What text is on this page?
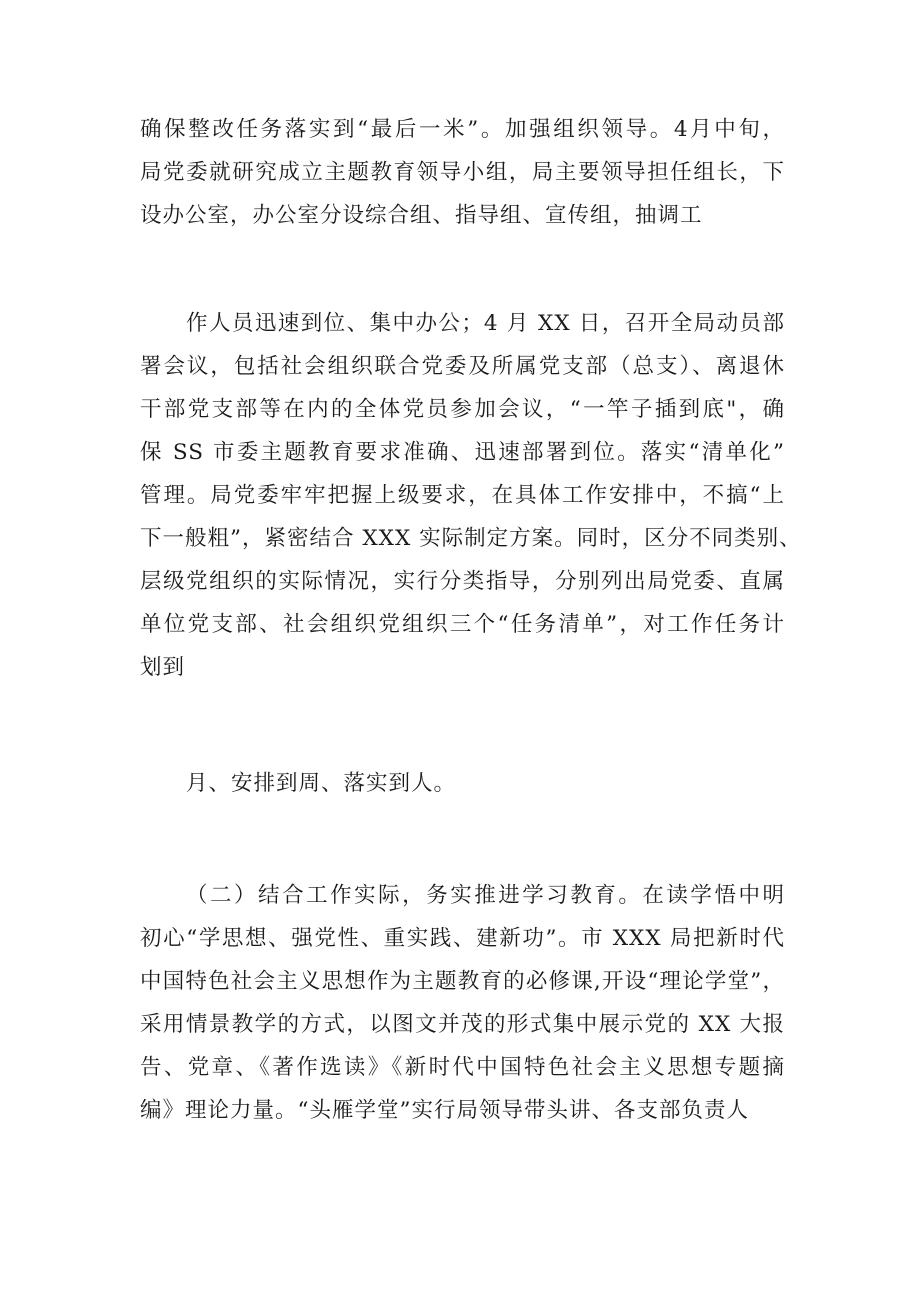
确保整改任务落实到“最后一米”。加强组织领导。4月中旬，
局党委就研究成立主题教育领导小组，局主要领导担任组长，下
设办公室，办公室分设综合组、指导组、宣传组，抽调工
作人员迅速到位、集中办公；4 月 XX 日，召开全局动员部
署会议，包括社会组织联合党委及所属党支部（总支）、离退休
干部党支部等在内的全体党员参加会议，“一竿子插到底"，确
保 SS 市委主题教育要求准确、迅速部署到位。落实“清单化”
管理。局党委牢牢把握上级要求，在具体工作安排中，不搞“上
下一般粗”，紧密结合 XXX 实际制定方案。同时，区分不同类别、
层级党组织的实际情况，实行分类指导，分别列出局党委、直属
单位党支部、社会组织党组织三个“任务清单”，对工作任务计
划到
月、安排到周、落实到人。
（二）结合工作实际，务实推进学习教育。在读学悟中明
初心“学思想、强党性、重实践、建新功”。市 XXX 局把新时代
中国特色社会主义思想作为主题教育的必修课,开设“理论学堂”，
采用情景教学的方式，以图文并茂的形式集中展示党的 XX 大报
告、党章、《著作选读》《新时代中国特色社会主义思想专题摘
编》理论力量。“头雁学堂”实行局领导带头讲、各支部负责人
